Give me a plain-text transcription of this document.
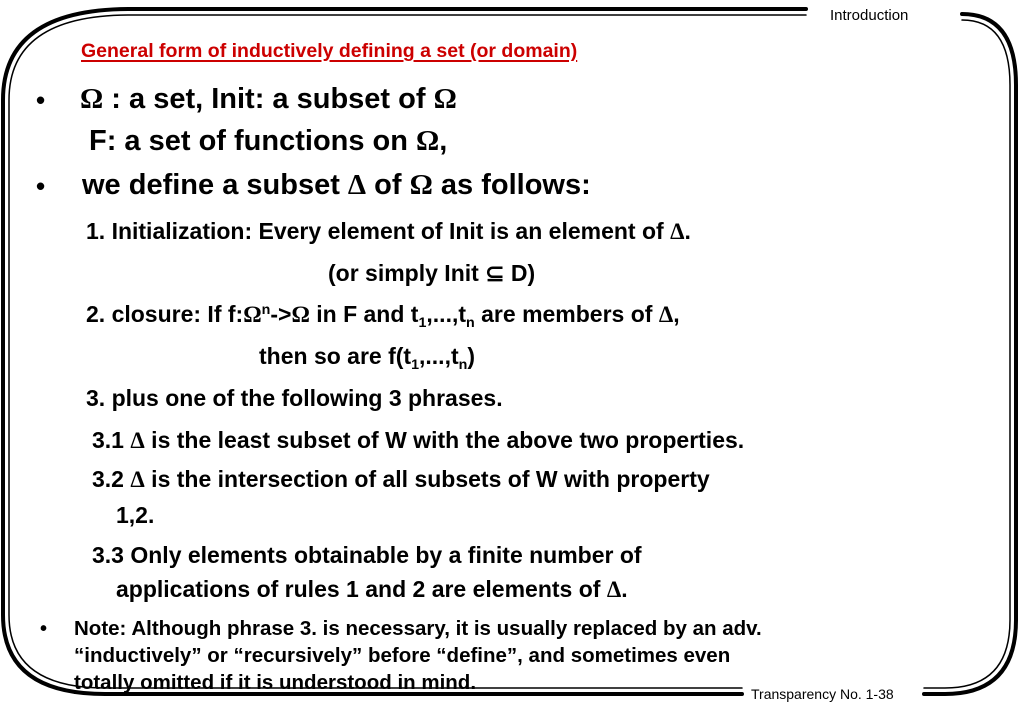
Introduction
General form of inductively defining a set (or domain)
• Ω : a set, Init: a subset of Ω
F: a set of functions on Ω,
• we define a subset Δ of Ω as follows:
1. Initialization: Every element of Init is an element of Δ.
(or simply Init ⊆ D)
2. closure: If $f:\Omega^n->\Omega$ in F and $t_1,...,t_n$ are members of Δ,
then so are $f(t_1,...,t_n)$
3. plus one of the following 3 phrases.
3.1 Δ is the least subset of W with the above two properties.
3.2 Δ is the intersection of all subsets of W with property
1,2.
3.3 Only elements obtainable by a finite number of
applications of rules 1 and 2 are elements of Δ.
• Note: Although phrase 3. is necessary, it is usually replaced by an adv.
“inductively” or “recursively” before “define”, and sometimes even
totally omitted if it is understood in mind.	Transparency No. 1-38
